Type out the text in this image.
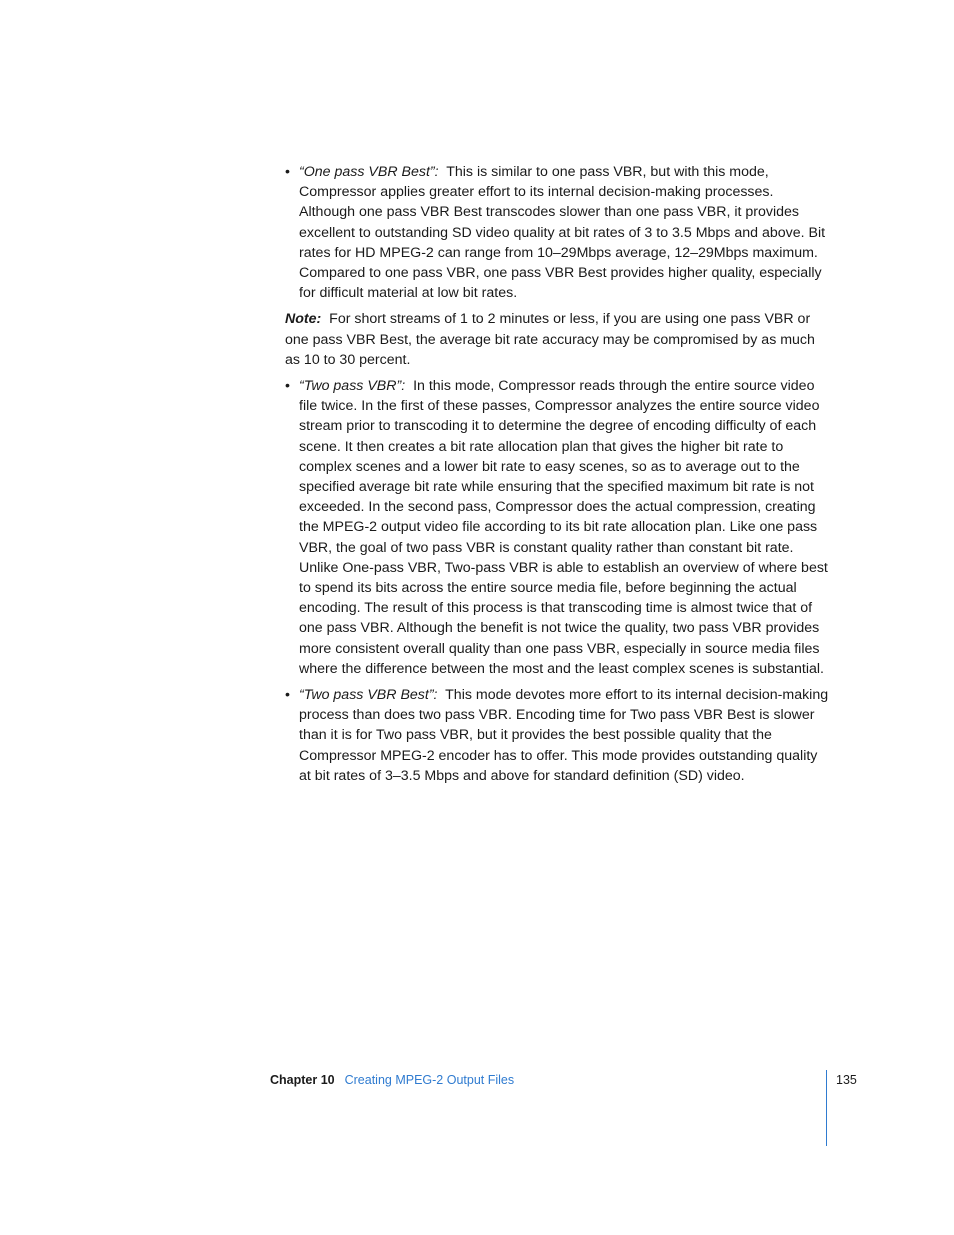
• “One pass VBR Best”: This is similar to one pass VBR, but with this mode, Compressor applies greater effort to its internal decision-making processes. Although one pass VBR Best transcodes slower than one pass VBR, it provides excellent to outstanding SD video quality at bit rates of 3 to 3.5 Mbps and above. Bit rates for HD MPEG-2 can range from 10–29Mbps average, 12–29Mbps maximum. Compared to one pass VBR, one pass VBR Best provides higher quality, especially for difficult material at low bit rates.
Note: For short streams of 1 to 2 minutes or less, if you are using one pass VBR or one pass VBR Best, the average bit rate accuracy may be compromised by as much as 10 to 30 percent.
• “Two pass VBR”: In this mode, Compressor reads through the entire source video file twice. In the first of these passes, Compressor analyzes the entire source video stream prior to transcoding it to determine the degree of encoding difficulty of each scene. It then creates a bit rate allocation plan that gives the higher bit rate to complex scenes and a lower bit rate to easy scenes, so as to average out to the specified average bit rate while ensuring that the specified maximum bit rate is not exceeded. In the second pass, Compressor does the actual compression, creating the MPEG-2 output video file according to its bit rate allocation plan. Like one pass VBR, the goal of two pass VBR is constant quality rather than constant bit rate. Unlike One-pass VBR, Two-pass VBR is able to establish an overview of where best to spend its bits across the entire source media file, before beginning the actual encoding. The result of this process is that transcoding time is almost twice that of one pass VBR. Although the benefit is not twice the quality, two pass VBR provides more consistent overall quality than one pass VBR, especially in source media files where the difference between the most and the least complex scenes is substantial.
• “Two pass VBR Best”: This mode devotes more effort to its internal decision-making process than does two pass VBR. Encoding time for Two pass VBR Best is slower than it is for Two pass VBR, but it provides the best possible quality that the Compressor MPEG-2 encoder has to offer. This mode provides outstanding quality at bit rates of 3–3.5 Mbps and above for standard definition (SD) video.
Chapter 10 Creating MPEG-2 Output Files	135
